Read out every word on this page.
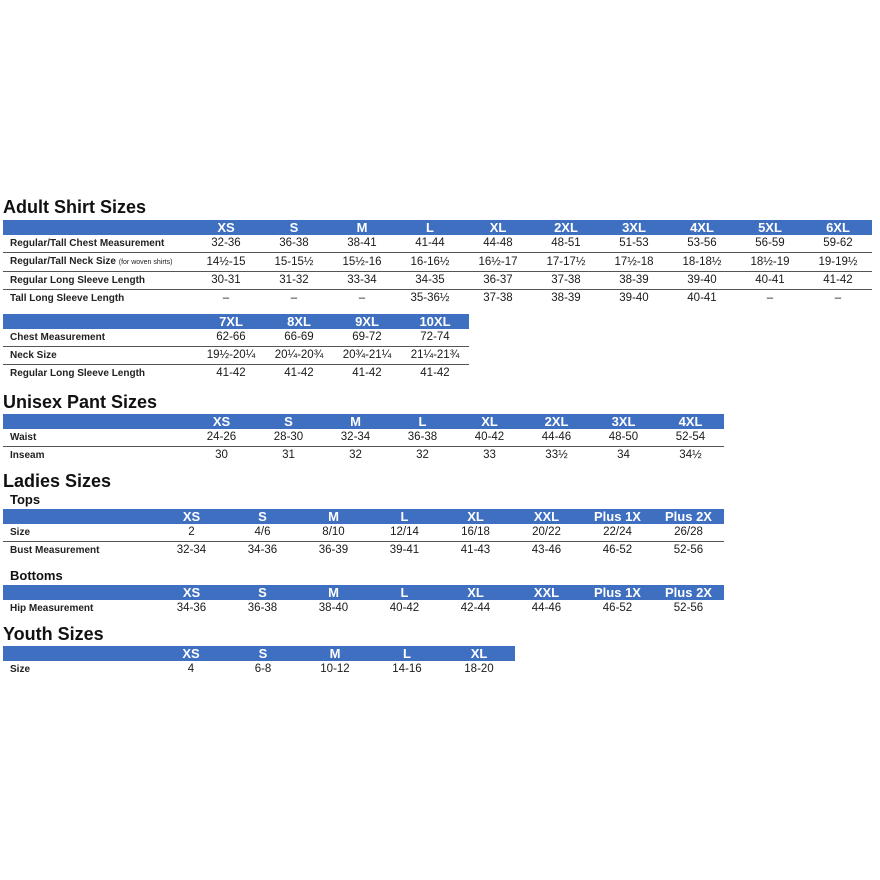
Adult Shirt Sizes
	XS	S	M	L	XL	2XL	3XL	4XL	5XL	6XL
Regular/Tall Chest Measurement	32-36	36-38	38-41	41-44	44-48	48-51	51-53	53-56	56-59	59-62
Regular/Tall Neck Size (for woven shirts)	14½-15	15-15½	15½-16	16-16½	16½-17	17-17½	17½-18	18-18½	18½-19	19-19½
Regular Long Sleeve Length	30-31	31-32	33-34	34-35	36-37	37-38	38-39	39-40	40-41	41-42
Tall Long Sleeve Length	–	–	–	35-36½	37-38	38-39	39-40	40-41	–	–
	7XL	8XL	9XL	10XL
Chest Measurement	62-66	66-69	69-72	72-74
Neck Size	19½-20¼	20¼-20¾	20¾-21¼	21¼-21¾
Regular Long Sleeve Length	41-42	41-42	41-42	41-42
Unisex Pant Sizes
	XS	S	M	L	XL	2XL	3XL	4XL
Waist	24-26	28-30	32-34	36-38	40-42	44-46	48-50	52-54
Inseam	30	31	32	32	33	33½	34	34½
Ladies Sizes
Tops
	XS	S	M	L	XL	XXL	Plus 1X	Plus 2X
Size	2	4/6	8/10	12/14	16/18	20/22	22/24	26/28
Bust Measurement	32-34	34-36	36-39	39-41	41-43	43-46	46-52	52-56
Bottoms
	XS	S	M	L	XL	XXL	Plus 1X	Plus 2X
Hip Measurement	34-36	36-38	38-40	40-42	42-44	44-46	46-52	52-56
Youth Sizes
	XS	S	M	L	XL
Size	4	6-8	10-12	14-16	18-20
